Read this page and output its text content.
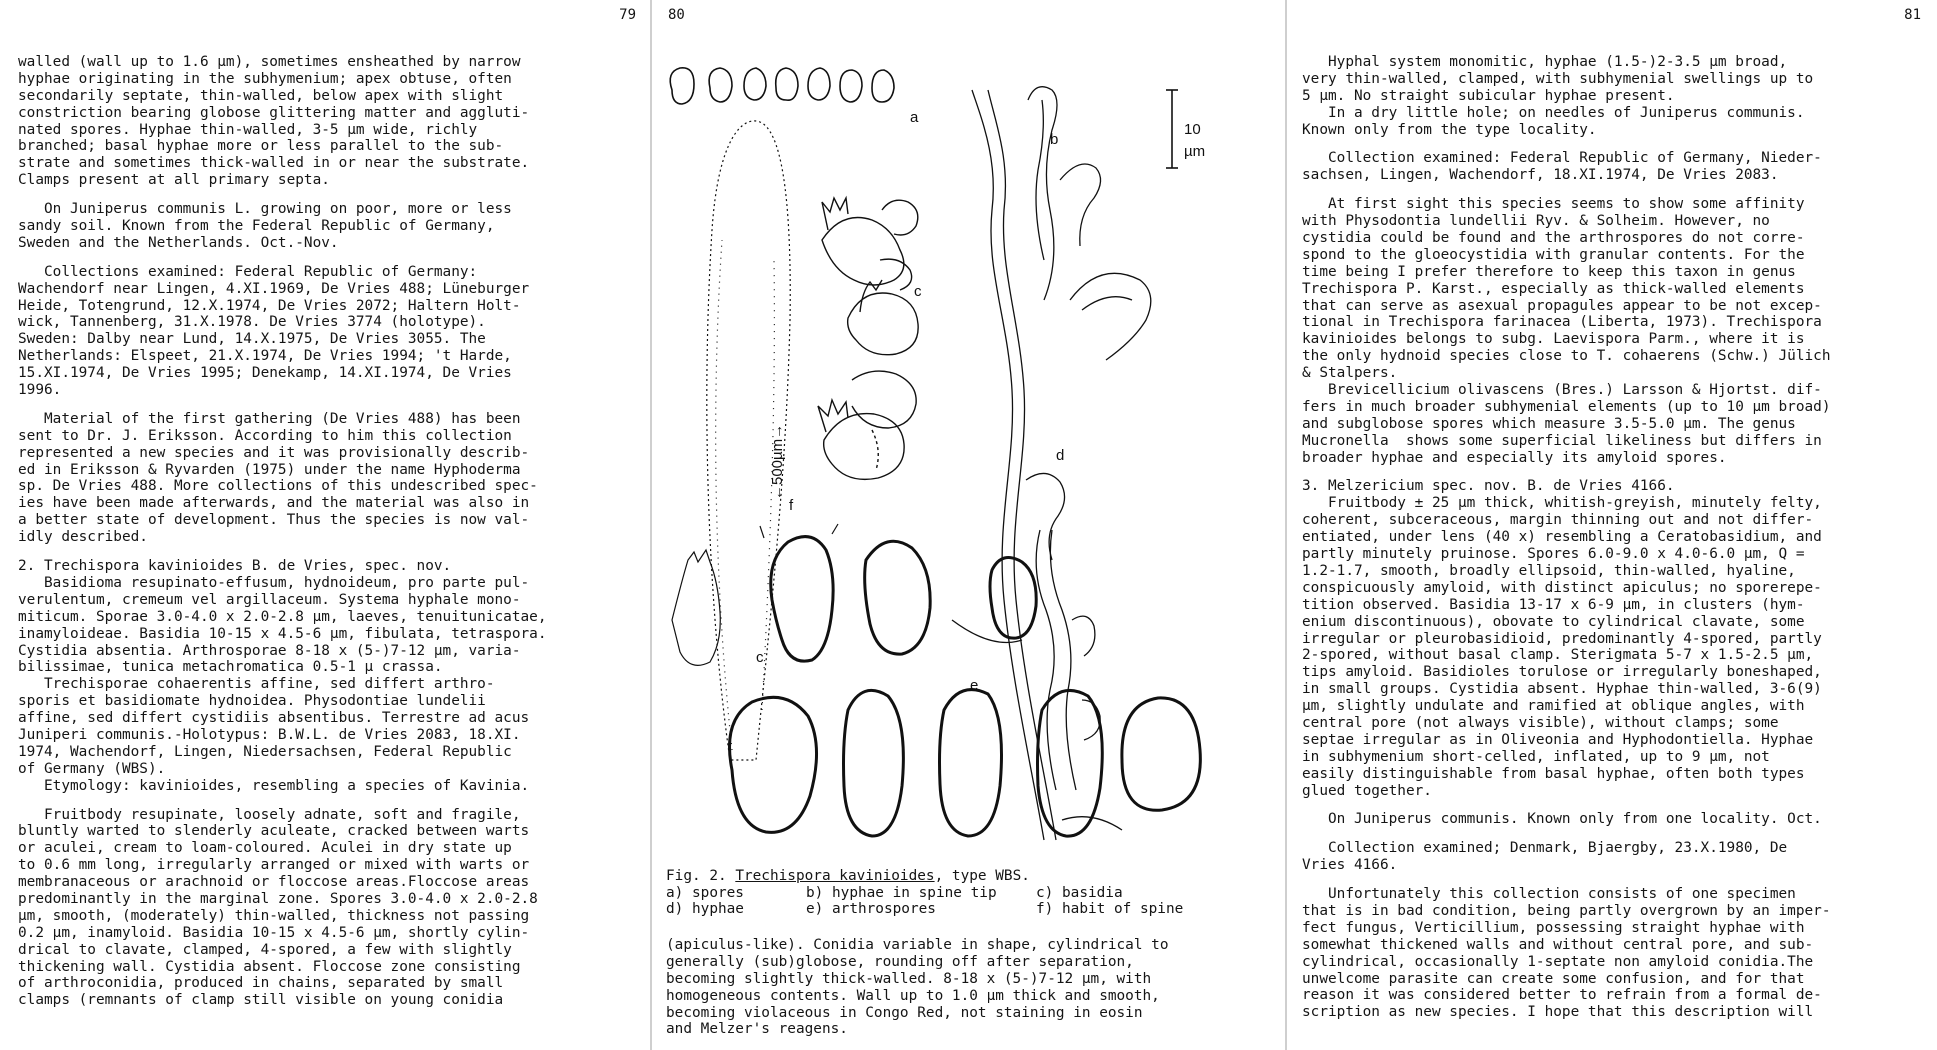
79
walled (wall up to 1.6 µm), sometimes ensheathed by narrow
hyphae originating in the subhymenium; apex obtuse, often
secondarily septate, thin-walled, below apex with slight
constriction bearing globose glittering matter and aggluti-
nated spores. Hyphae thin-walled, 3-5 µm wide, richly
branched; basal hyphae more or less parallel to the sub-
strate and sometimes thick-walled in or near the substrate.
Clamps present at all primary septa.
On Juniperus communis L. growing on poor, more or less
sandy soil. Known from the Federal Republic of Germany,
Sweden and the Netherlands. Oct.-Nov.
Collections examined: Federal Republic of Germany:
Wachendorf near Lingen, 4.XI.1969, De Vries 488; Lüneburger
Heide, Totengrund, 12.X.1974, De Vries 2072; Haltern Holt-
wick, Tannenberg, 31.X.1978. De Vries 3774 (holotype).
Sweden: Dalby near Lund, 14.X.1975, De Vries 3055. The
Netherlands: Elspeet, 21.X.1974, De Vries 1994; 't Harde,
15.XI.1974, De Vries 1995; Denekamp, 14.XI.1974, De Vries
1996.
Material of the first gathering (De Vries 488) has been
sent to Dr. J. Eriksson. According to him this collection
represented a new species and it was provisionally describ-
ed in Eriksson & Ryvarden (1975) under the name Hyphoderma
sp. De Vries 488. More collections of this undescribed spec-
ies have been made afterwards, and the material was also in
a better state of development. Thus the species is now val-
idly described.
2. Trechispora kavinioides B. de Vries, spec. nov.
Basidioma resupinato-effusum, hydnoideum, pro parte pul-
verulentum, cremeum vel argillaceum. Systema hyphale mono-
miticum. Sporae 3.0-4.0 x 2.0-2.8 µm, laeves, tenuitunicatae,
inamyloideae. Basidia 10-15 x 4.5-6 µm, fibulata, tetraspora.
Cystidia absentia. Arthrosporae 8-18 x (5-)7-12 µm, varia-
bilissimae, tunica metachromatica 0.5-1 µ crassa.
Trechisporae cohaerentis affine, sed differt arthro-
sporis et basidiomate hydnoidea. Physodontiae lundelii
affine, sed differt cystidiis absentibus. Terrestre ad acus
Juniperi communis.-Holotypus: B.W.L. de Vries 2083, 18.XI.
1974, Wachendorf, Lingen, Niedersachsen, Federal Republic
of Germany (WBS).
Etymology: kavinioides, resembling a species of Kavinia.
Fruitbody resupinate, loosely adnate, soft and fragile,
bluntly warted to slenderly aculeate, cracked between warts
or aculei, cream to loam-coloured. Aculei in dry state up
to 0.6 mm long, irregularly arranged or mixed with warts or
membranaceous or arachnoid or floccose areas.Floccose areas
predominantly in the marginal zone. Spores 3.0-4.0 x 2.0-2.8
µm, smooth, (moderately) thin-walled, thickness not passing
0.2 µm, inamyloid. Basidia 10-15 x 4.5-6 µm, shortly cylin-
drical to clavate, clamped, 4-spored, a few with slightly
thickening wall. Cystidia absent. Floccose zone consisting
of arthroconidia, produced in chains, separated by small
clamps (remnants of clamp still visible on young conidia
80
a
←500µm→
f
c
b
d
10
µm
c
e
Fig. 2. Trechispora kavinioides, type WBS.
a) spores	b) hyphae in spine tip	c) basidia
d) hyphae	e) arthrospores	f) habit of spine
(apiculus-like). Conidia variable in shape, cylindrical to
generally (sub)globose, rounding off after separation,
becoming slightly thick-walled. 8-18 x (5-)7-12 µm, with
homogeneous contents. Wall up to 1.0 µm thick and smooth,
becoming violaceous in Congo Red, not staining in eosin
and Melzer's reagens.
81
Hyphal system monomitic, hyphae (1.5-)2-3.5 µm broad,
very thin-walled, clamped, with subhymenial swellings up to
5 µm. No straight subicular hyphae present.
In a dry little hole; on needles of Juniperus communis.
Known only from the type locality.
Collection examined: Federal Republic of Germany, Nieder-
sachsen, Lingen, Wachendorf, 18.XI.1974, De Vries 2083.
At first sight this species seems to show some affinity
with Physodontia lundellii Ryv. & Solheim. However, no
cystidia could be found and the arthrospores do not corre-
spond to the gloeocystidia with granular contents. For the
time being I prefer therefore to keep this taxon in genus
Trechispora P. Karst., especially as thick-walled elements
that can serve as asexual propagules appear to be not excep-
tional in Trechispora farinacea (Liberta, 1973). Trechispora
kavinioides belongs to subg. Laevispora Parm., where it is
the only hydnoid species close to T. cohaerens (Schw.) Jülich
& Stalpers.
Brevicellicium olivascens (Bres.) Larsson & Hjortst. dif-
fers in much broader subhymenial elements (up to 10 µm broad)
and subglobose spores which measure 3.5-5.0 µm. The genus
Mucronella  shows some superficial likeliness but differs in
broader hyphae and especially its amyloid spores.
3. Melzericium spec. nov. B. de Vries 4166.
Fruitbody ± 25 µm thick, whitish-greyish, minutely felty,
coherent, subceraceous, margin thinning out and not differ-
entiated, under lens (40 x) resembling a Ceratobasidium, and
partly minutely pruinose. Spores 6.0-9.0 x 4.0-6.0 µm, Q =
1.2-1.7, smooth, broadly ellipsoid, thin-walled, hyaline,
conspicuously amyloid, with distinct apiculus; no sporerepe-
tition observed. Basidia 13-17 x 6-9 µm, in clusters (hym-
enium discontinuous), obovate to cylindrical clavate, some
irregular or pleurobasidioid, predominantly 4-spored, partly
2-spored, without basal clamp. Sterigmata 5-7 x 1.5-2.5 µm,
tips amyloid. Basidioles torulose or irregularly boneshaped,
in small groups. Cystidia absent. Hyphae thin-walled, 3-6(9)
µm, slightly undulate and ramified at oblique angles, with
central pore (not always visible), without clamps; some
septae irregular as in Oliveonia and Hyphodontiella. Hyphae
in subhymenium short-celled, inflated, up to 9 µm, not
easily distinguishable from basal hyphae, often both types
glued together.
On Juniperus communis. Known only from one locality. Oct.
Collection examined; Denmark, Bjaergby, 23.X.1980, De
Vries 4166.
Unfortunately this collection consists of one specimen
that is in bad condition, being partly overgrown by an imper-
fect fungus, Verticillium, possessing straight hyphae with
somewhat thickened walls and without central pore, and sub-
cylindrical, occasionally 1-septate non amyloid conidia.The
unwelcome parasite can create some confusion, and for that
reason it was considered better to refrain from a formal de-
scription as new species. I hope that this description will
